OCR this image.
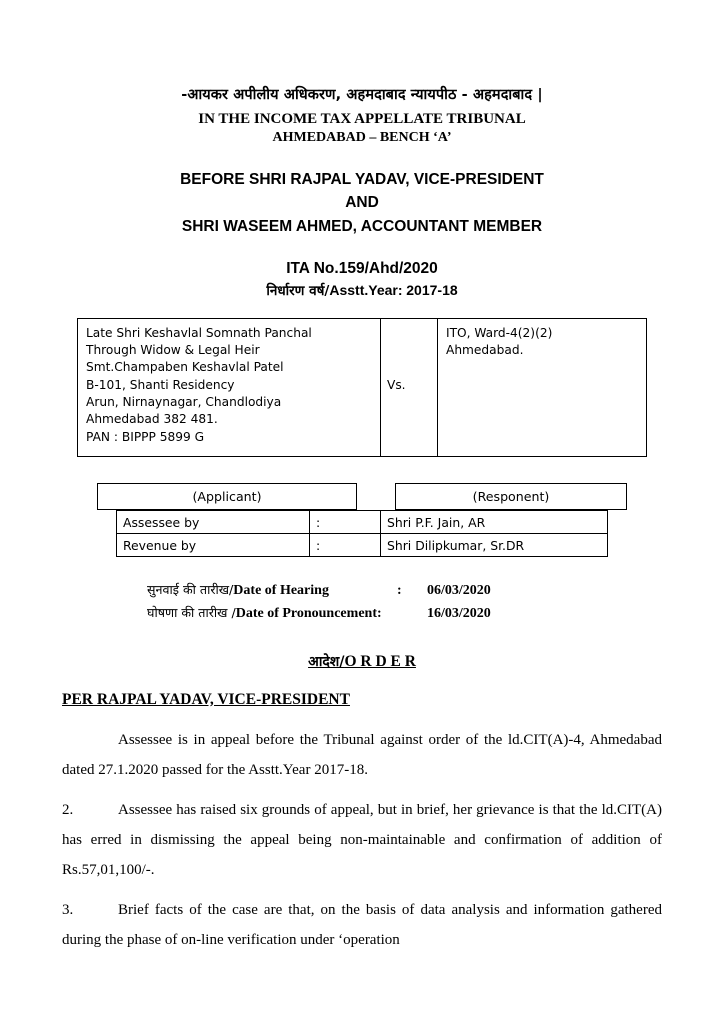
-आयकर अपीलीय अधिकरण, अहमदाबाद न्यायपीठ - अहमदाबाद |
IN THE INCOME TAX APPELLATE TRIBUNAL
AHMEDABAD – BENCH ‘A’
BEFORE SHRI RAJPAL YADAV, VICE-PRESIDENT
AND
SHRI WASEEM AHMED, ACCOUNTANT MEMBER
ITA No.159/Ahd/2020
निर्धारण वर्ष/Asstt.Year: 2017-18
Late Shri Keshavlal Somnath Panchal
Through Widow & Legal Heir
Smt.Champaben Keshavlal Patel
B-101, Shanti Residency
Arun, Nirnaynagar, Chandlodiya
Ahmedabad 382 481.
PAN : BIPPP 5899 G
	Vs.	
ITO, Ward-4(2)(2)
Ahmedabad.
(Applicant)		(Responent)
Assessee by	:	Shri P.F. Jain, AR
Revenue by	:	Shri Dilipkumar, Sr.DR
सुनवाई की तारीख/Date of Hearing	:	06/03/2020
घोषणा की तारीख /Date of Pronouncement:	16/03/2020
आदेश/O R D E R
PER RAJPAL YADAV, VICE-PRESIDENT
Assessee is in appeal before the Tribunal against order of the ld.CIT(A)-4, Ahmedabad dated 27.1.2020 passed for the Asstt.Year 2017-18.
2.	Assessee has raised six grounds of appeal, but in brief, her grievance is that the ld.CIT(A) has erred in dismissing the appeal being non-maintainable and confirmation of addition of Rs.57,01,100/-.
3.	Brief facts of the case are that, on the basis of data analysis and information gathered during the phase of on-line verification under ‘operation
